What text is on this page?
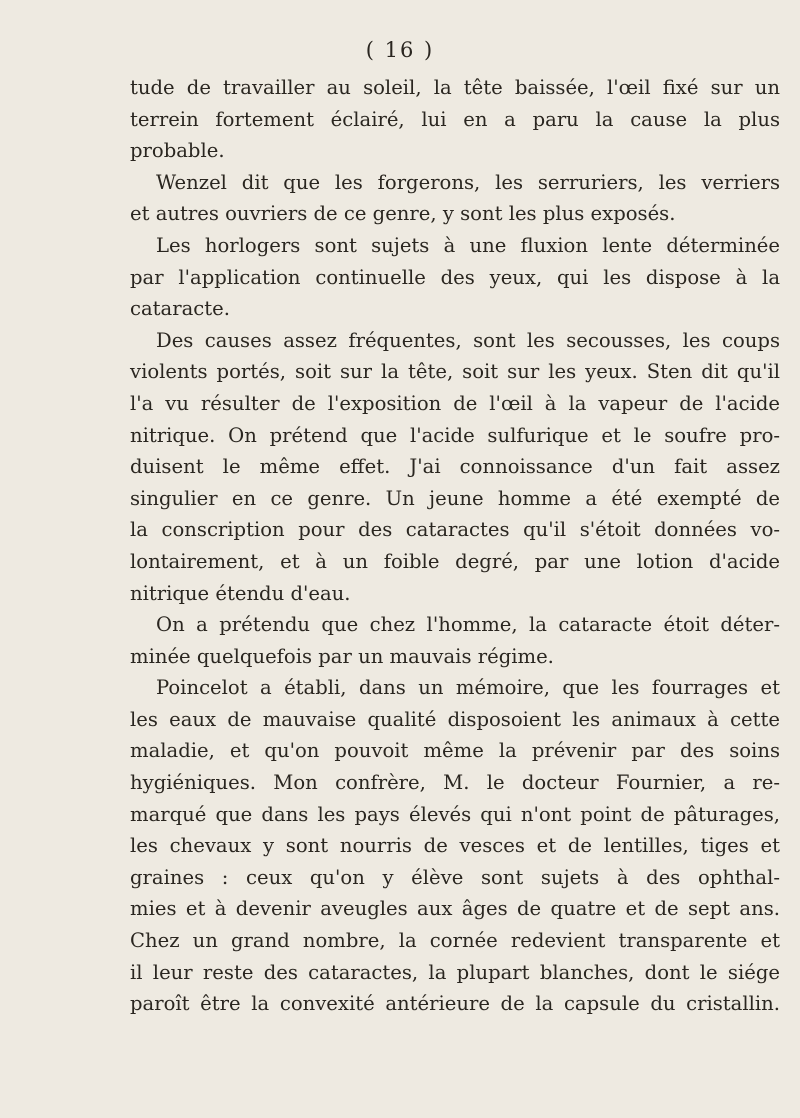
( 16 )
tude de travailler au soleil, la tête baissée, l'œil fixé sur un
terrein fortement éclairé, lui en a paru la cause la plus
probable.
Wenzel dit que les forgerons, les serruriers, les verriers
et autres ouvriers de ce genre, y sont les plus exposés.
Les horlogers sont sujets à une fluxion lente déterminée
par l'application continuelle des yeux, qui les dispose à la
cataracte.
Des causes assez fréquentes, sont les secousses, les coups
violents portés, soit sur la tête, soit sur les yeux. Sten dit qu'il
l'a vu résulter de l'exposition de l'œil à la vapeur de l'acide
nitrique. On prétend que l'acide sulfurique et le soufre pro-
duisent le même effet. J'ai connoissance d'un fait assez
singulier en ce genre. Un jeune homme a été exempté de
la conscription pour des cataractes qu'il s'étoit données vo-
lontairement, et à un foible degré, par une lotion d'acide
nitrique étendu d'eau.
On a prétendu que chez l'homme, la cataracte étoit déter-
minée quelquefois par un mauvais régime.
Poincelot a établi, dans un mémoire, que les fourrages et
les eaux de mauvaise qualité disposoient les animaux à cette
maladie, et qu'on pouvoit même la prévenir par des soins
hygiéniques. Mon confrère, M. le docteur Fournier, a re-
marqué que dans les pays élevés qui n'ont point de pâturages,
les chevaux y sont nourris de vesces et de lentilles, tiges et
graines : ceux qu'on y élève sont sujets à des ophthal-
mies et à devenir aveugles aux âges de quatre et de sept ans.
Chez un grand nombre, la cornée redevient transparente et
il leur reste des cataractes, la plupart blanches, dont le siége
paroît être la convexité antérieure de la capsule du cristallin.
